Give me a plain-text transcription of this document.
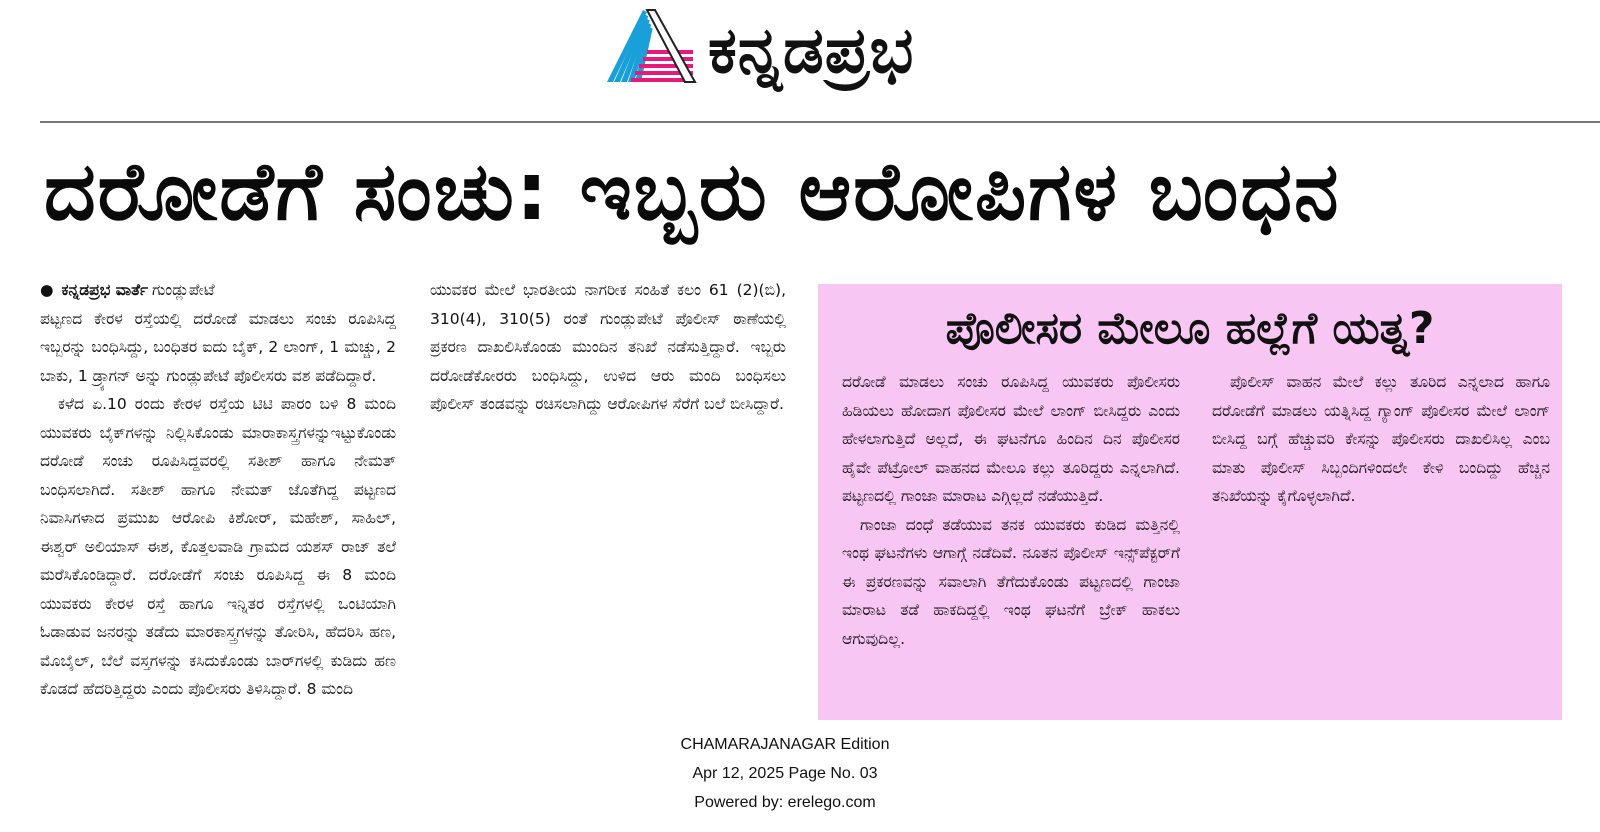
ಕನ್ನಡಪ್ರಭ
ದರೋಡೆಗೆ ಸಂಚು: ಇಬ್ಬರು ಆರೋಪಿಗಳ ಬಂಧನ

● ಕನ್ನಡಪ್ರಭ ವಾರ್ತೆ ಗುಂಡ್ಲುಪೇಟೆ

ಪಟ್ಟಣದ ಕೇರಳ ರಸ್ತೆಯಲ್ಲಿ ದರೋಡೆ ಮಾಡಲು ಸಂಚು ರೂಪಿಸಿದ್ದ ಇಬ್ಬರನ್ನು ಬಂಧಿಸಿದ್ದು, ಬಂಧಿತರ ಐದು ಬೈಕ್, 2 ಲಾಂಗ್, 1 ಮಚ್ಚು, 2 ಬಾಕು, 1 ಡ್ರ್ಯಾಗನ್ ಅನ್ನು ಗುಂಡ್ಲುಪೇಟೆ ಪೊಲೀಸರು ವಶ ಪಡೆದಿದ್ದಾರೆ.

ಕಳೆದ ಏ.10 ರಂದು ಕೇರಳ ರಸ್ತೆಯ ಟಿಟಿ ಪಾರಂ ಬಳಿ 8 ಮಂದಿ ಯುವಕರು ಬೈಕ್‌ಗಳನ್ನು ನಿಲ್ಲಿಸಿಕೊಂಡು ಮಾರಾಕಾಸ್ತ್ರಗಳನ್ನುಇಟ್ಟುಕೊಂಡು ದರೋಡೆ ಸಂಚು ರೂಪಿಸಿದ್ದವರಲ್ಲಿ ಸತೀಶ್ ಹಾಗೂ ನೇಮತ್ ಬಂಧಿಸಲಾಗಿದೆ. ಸತೀಶ್ ಹಾಗೂ ನೇಮತ್ ಜೊತೆಗಿದ್ದ ಪಟ್ಟಣದ ನಿವಾಸಿಗಳಾದ ಪ್ರಮುಖ ಆರೋಪಿ ಕಿಶೋರ್, ಮಹೇಶ್, ಸಾಹಿಲ್, ಈಶ್ವರ್ ಅಲಿಯಾಸ್ ಈಶ, ಕೊತ್ತಲವಾಡಿ ಗ್ರಾಮದ ಯಶಸ್ ರಾಜ್ ತಲೆ ಮರೆಸಿಕೊಂಡಿದ್ದಾರೆ. ದರೋಡೆಗೆ ಸಂಚು ರೂಪಿಸಿದ್ದ ಈ 8 ಮಂದಿ ಯುವಕರು ಕೇರಳ ರಸ್ತೆ ಹಾಗೂ ಇನ್ನಿತರ ರಸ್ತೆಗಳಲ್ಲಿ ಒಂಟಿಯಾಗಿ ಓಡಾಡುವ ಜನರನ್ನು ತಡೆದು ಮಾರಕಾಸ್ತ್ರಗಳನ್ನು ತೋರಿಸಿ, ಹೆದರಿಸಿ ಹಣ, ಮೊಬೈಲ್, ಬೆಲೆ ವಸ್ತಗಳನ್ನು ಕಸಿದುಕೊಂಡು ಬಾರ್‌ಗಳಲ್ಲಿ ಕುಡಿದು ಹಣ ಕೊಡದೆ ಹೆದರಿತ್ತಿದ್ದರು ಎಂದು ಪೊಲೀಸರು ತಿಳಿಸಿದ್ದಾರೆ. 8 ಮಂದಿ

ಯುವಕರ ಮೇಲೆ ಭಾರತೀಯ ನಾಗರೀಕ ಸಂಹಿತೆ ಕಲಂ 61 (2)(ಬಿ), 310(4), 310(5) ರಂತೆ ಗುಂಡ್ಲುಪೇಟೆ ಪೊಲೀಸ್ ಠಾಣೆಯಲ್ಲಿ ಪ್ರಕರಣ ದಾಖಲಿಸಿಕೊಂಡು ಮುಂದಿನ ತನಿಖೆ ನಡೆಸುತ್ತಿದ್ದಾರೆ. ಇಬ್ಬರು ದರೋಡೆಕೋರರು ಬಂಧಿಸಿದ್ದು, ಉಳಿದ ಆರು ಮಂದಿ ಬಂಧಿಸಲು ಪೊಲೀಸ್ ತಂಡವನ್ನು ರಚಿಸಲಾಗಿದ್ದು ಆರೋಪಿಗಳ ಸೆರೆಗೆ ಬಲೆ ಬೀಸಿದ್ದಾರೆ.

ಪೊಲೀಸರ ಮೇಲೂ ಹಲ್ಲೆಗೆ ಯತ್ನ?

ದರೋಡೆ ಮಾಡಲು ಸಂಚು ರೂಪಿಸಿದ್ದ ಯುವಕರು ಪೊಲೀಸರು ಹಿಡಿಯಲು ಹೋದಾಗ ಪೊಲೀಸರ ಮೇಲೆ ಲಾಂಗ್ ಬೀಸಿದ್ದರು ಎಂದು ಹೇಳಲಾಗುತ್ತಿದೆ ಅಲ್ಲದೆ, ಈ ಘಟನೆಗೂ ಹಿಂದಿನ ದಿನ ಪೊಲೀಸರ ಹೈವೇ ಪೆಟ್ರೋಲ್ ವಾಹನದ ಮೇಲೂ ಕಲ್ಲು ತೂರಿದ್ದರು ಎನ್ನಲಾಗಿದೆ. ಪಟ್ಟಣದಲ್ಲಿ ಗಾಂಜಾ ಮಾರಾಟ ಎಗ್ಗಿಲ್ಲದೆ ನಡೆಯುತ್ತಿದೆ.

ಗಾಂಜಾ ದಂಧೆ ತಡೆಯುವ ತನಕ ಯುವಕರು ಕುಡಿದ ಮತ್ತಿನಲ್ಲಿ ಇಂಥ ಘಟನೆಗಳು ಆಗಾಗ್ಗೆ ನಡೆದಿವೆ. ನೂತನ ಪೊಲೀಸ್ ಇನ್ಸ್‌ಪೆಕ್ಟರ್‌ಗೆ ಈ ಪ್ರಕರಣವನ್ನು ಸವಾಲಾಗಿ ತೆಗೆದುಕೊಂಡು ಪಟ್ಟಣದಲ್ಲಿ ಗಾಂಜಾ ಮಾರಾಟ ತಡೆ ಹಾಕದಿದ್ದಲ್ಲಿ ಇಂಥ ಘಟನೆಗೆ ಬ್ರೇಕ್ ಹಾಕಲು ಆಗುವುದಿಲ್ಲ.

ಪೊಲೀಸ್ ವಾಹನ ಮೇಲೆ ಕಲ್ಲು ತೂರಿದ ಎನ್ನಲಾದ ಹಾಗೂ ದರೋಡೆಗೆ ಮಾಡಲು ಯತ್ನಿಸಿದ್ದ ಗ್ಯಾಂಗ್ ಪೊಲೀಸರ ಮೇಲೆ ಲಾಂಗ್ ಬೀಸಿದ್ದ ಬಗ್ಗೆ ಹೆಚ್ಚುವರಿ ಕೇಸನ್ನು ಪೊಲೀಸರು ದಾಖಲಿಸಿಲ್ಲ ಎಂಬ ಮಾತು ಪೊಲೀಸ್ ಸಿಬ್ಬಂದಿಗಳಿಂದಲೇ ಕೇಳಿ ಬಂದಿದ್ದು ಹೆಚ್ಚಿನ ತನಿಖೆಯನ್ನು ಕೈಗೊಳ್ಳಲಾಗಿದೆ.

CHAMARAJANAGAR Edition
Apr 12, 2025 Page No. 03
Powered by: erelego.com
